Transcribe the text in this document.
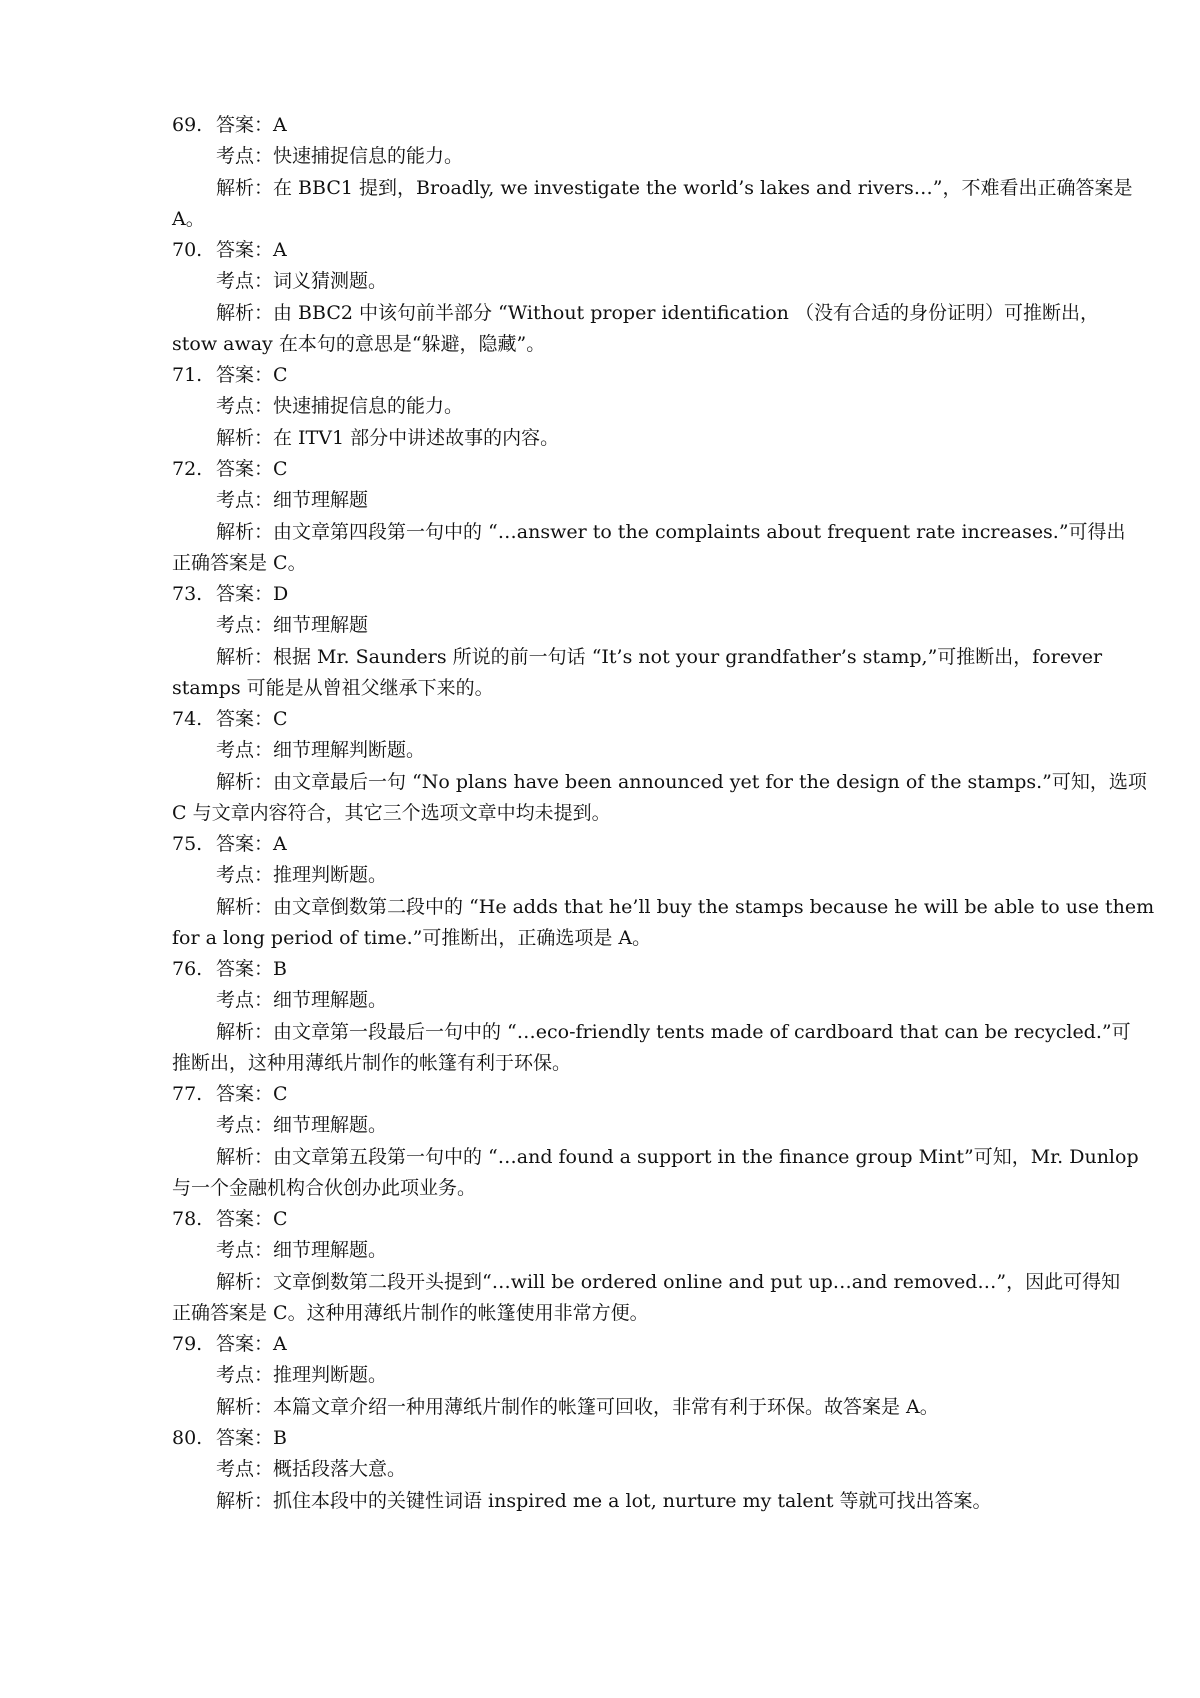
69. 答案：A
考点：快速捕捉信息的能力。
解析：在 BBC1 提到，Broadly, we investigate the world’s lakes and rivers…”，不难看出正确答案是
A。
70. 答案：A
考点：词义猜测题。
解析：由 BBC2 中该句前半部分 “Without proper identification （没有合适的身份证明）可推断出，
stow away 在本句的意思是“躲避，隐藏”。
71. 答案：C
考点：快速捕捉信息的能力。
解析：在 ITV1 部分中讲述故事的内容。
72. 答案：C
考点：细节理解题
解析：由文章第四段第一句中的 “…answer to the complaints about frequent rate increases.”可得出
正确答案是 C。
73. 答案：D
考点：细节理解题
解析：根据 Mr. Saunders 所说的前一句话 “It’s not your grandfather’s stamp,”可推断出，forever
stamps 可能是从曾祖父继承下来的。
74. 答案：C
考点：细节理解判断题。
解析：由文章最后一句 “No plans have been announced yet for the design of the stamps.”可知，选项
C 与文章内容符合，其它三个选项文章中均未提到。
75. 答案：A
考点：推理判断题。
解析：由文章倒数第二段中的 “He adds that he’ll buy the stamps because he will be able to use them
for a long period of time.”可推断出，正确选项是 A。
76. 答案：B
考点：细节理解题。
解析：由文章第一段最后一句中的 “…eco-friendly tents made of cardboard that can be recycled.”可
推断出，这种用薄纸片制作的帐篷有利于环保。
77. 答案：C
考点：细节理解题。
解析：由文章第五段第一句中的 “…and found a support in the finance group Mint”可知，Mr. Dunlop
与一个金融机构合伙创办此项业务。
78. 答案：C
考点：细节理解题。
解析：文章倒数第二段开头提到“…will be ordered online and put up…and removed…”，因此可得知
正确答案是 C。这种用薄纸片制作的帐篷使用非常方便。
79. 答案：A
考点：推理判断题。
解析：本篇文章介绍一种用薄纸片制作的帐篷可回收，非常有利于环保。故答案是 A。
80. 答案：B
考点：概括段落大意。
解析：抓住本段中的关键性词语 inspired me a lot, nurture my talent 等就可找出答案。
